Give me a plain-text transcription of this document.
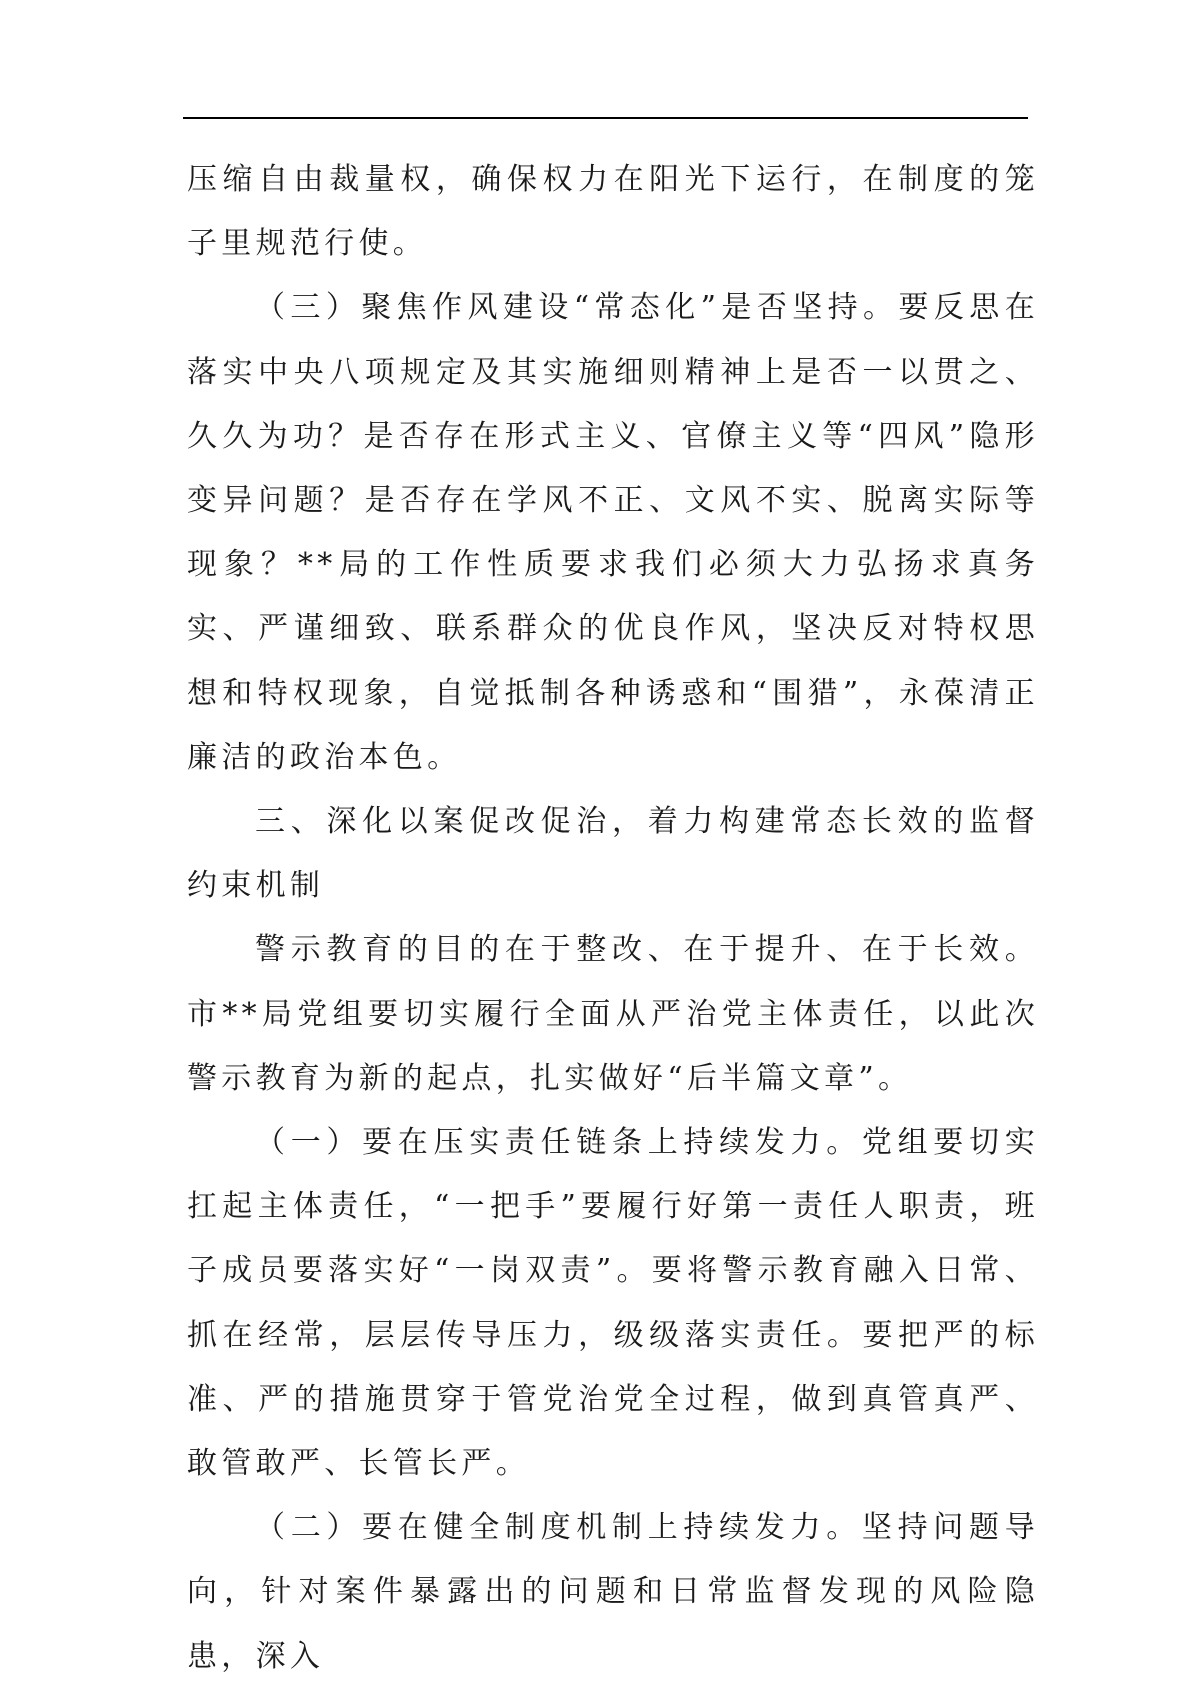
压缩自由裁量权，确保权力在阳光下运行，在制度的笼子里规范行使。

（三）聚焦作风建设“常态化”是否坚持。要反思在落实中央八项规定及其实施细则精神上是否一以贯之、久久为功？是否存在形式主义、官僚主义等“四风”隐形变异问题？是否存在学风不正、文风不实、脱离实际等现象？**局的工作性质要求我们必须大力弘扬求真务实、严谨细致、联系群众的优良作风，坚决反对特权思想和特权现象，自觉抵制各种诱惑和“围猎”，永葆清正廉洁的政治本色。

三、深化以案促改促治，着力构建常态长效的监督约束机制

警示教育的目的在于整改、在于提升、在于长效。市**局党组要切实履行全面从严治党主体责任，以此次警示教育为新的起点，扎实做好“后半篇文章”。

（一）要在压实责任链条上持续发力。党组要切实扛起主体责任，“一把手”要履行好第一责任人职责，班子成员要落实好“一岗双责”。要将警示教育融入日常、抓在经常，层层传导压力，级级落实责任。要把严的标准、严的措施贯穿于管党治党全过程，做到真管真严、敢管敢严、长管长严。

（二）要在健全制度机制上持续发力。坚持问题导向，针对案件暴露出的问题和日常监督发现的风险隐患，深入
